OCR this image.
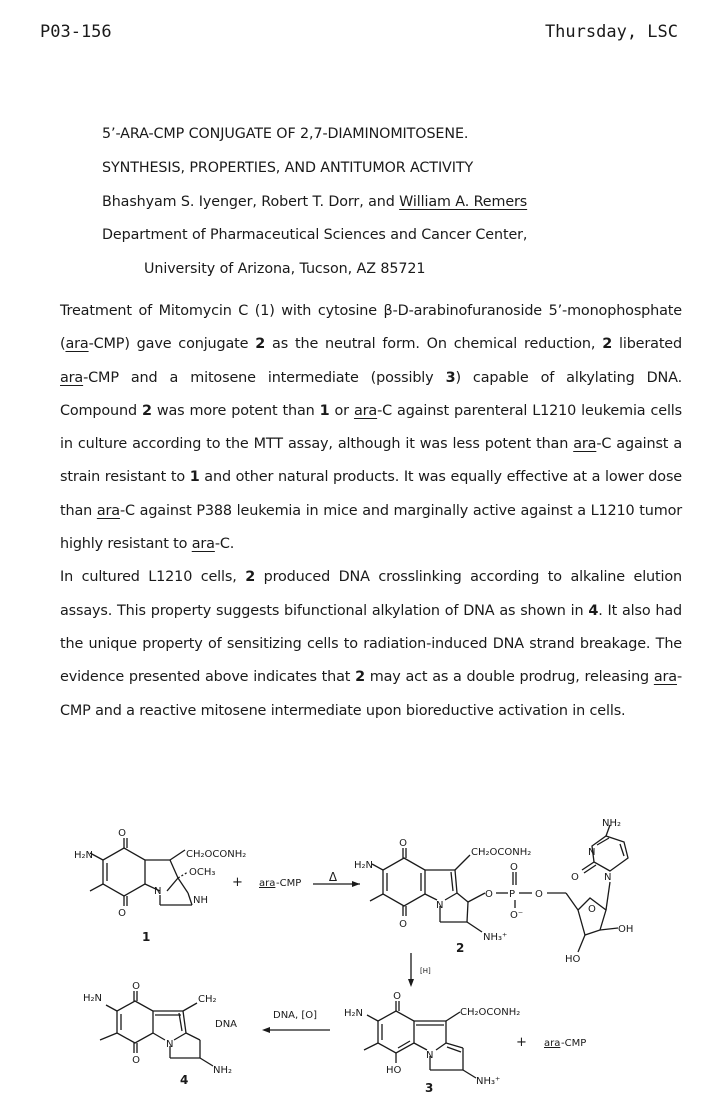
P03-156	Thursday, LSC
5’-ARA-CMP CONJUGATE OF 2,7-DIAMINOMITOSENE.
SYNTHESIS, PROPERTIES, AND ANTITUMOR ACTIVITY
Bhashyam S. Iyenger, Robert T. Dorr, and William A. Remers
Department of Pharmaceutical Sciences and Cancer Center,
University of Arizona, Tucson, AZ 85721

Treatment of Mitomycin C (1) with cytosine β-D-arabinofuranoside 5’-monophosphate (ara-CMP) gave conjugate 2 as the neutral form. On chemical reduction, 2 liberated ara-CMP and a mitosene intermediate (possibly 3) capable of alkylating DNA. Compound 2 was more potent than 1 or ara-C against parenteral L1210 leukemia cells in culture according to the MTT assay, although it was less potent than ara-C against a strain resistant to 1 and other natural products. It was equally effective at a lower dose than ara-C against P388 leukemia in mice and marginally active against a L1210 tumor highly resistant to ara-C.

In cultured L1210 cells, 2 produced DNA crosslinking according to alkaline elution assays. This property suggests bifunctional alkylation of DNA as shown in 4. It also had the unique property of sensitizing cells to radiation-induced DNA strand breakage. The evidence presented above indicates that 2 may act as a double prodrug, releasing ara-CMP and a reactive mitosene intermediate upon bioreductive activation in cells.

O
O
H₂N	CH₂OCONH₂
OCH₃
NH
N
1
+ ara -CMP Δ
O
O
H₂N
CH₂OCONH₂
N
O P
O
O⁻
O
NH₃⁺
2
O
OH
HO
N
N
O
NH₂
[H]
O
H₂N	CH₂OCONH₂
N
HO
NH₃⁺
3
+ ara -CMP
DNA, [O]
O
O
H₂N	CH₂
DNA
N
NH₂
4
